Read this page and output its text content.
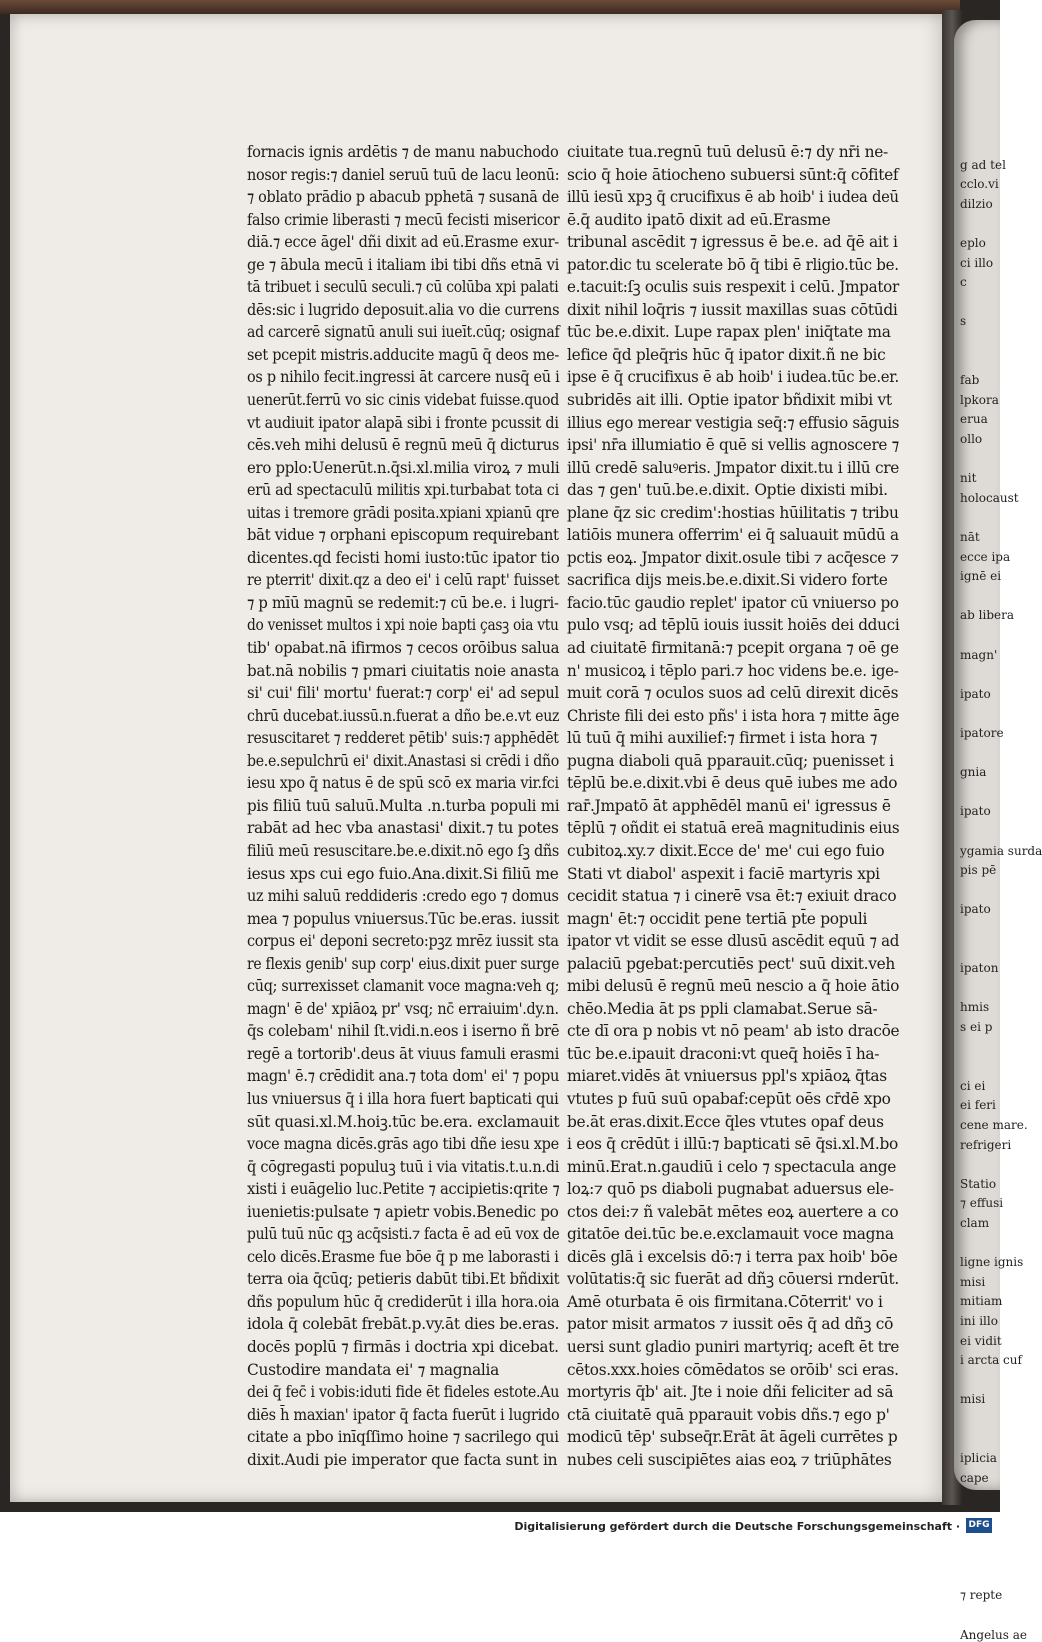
g ad tel
cclo.vi
dilzio
eplo
ci illo
c
s
fab
lpkora
erua
ollo
nit
holocaust
nāt
ecce ipa
ignē ei
ab libera
magn'
ipato
ipatore
gnia
ipato
ygamia surda
pis pē
ipato
ipaton
hmis
s ei p
ci ei
ei feri
cene mare.
refrigeri
Statio
⁊ effusi
clam
ligne ignis
misi
mitiam
ini illo
ei vidit
i arcta cuf
misi
iplicia
cape
⁊ repte
Angelus ae
fornacis ignis ardētis ⁊ de manu nabuchodo
nosor regis:⁊ daniel seruū tuū de lacu leonū:
⁊ oblato prādio p abacub pphetā ⁊ susanā de
falso crimie liberasti ⁊ mecū fecisti misericor
diā.⁊ ecce āgel' dñi dixit ad eū.Erasme exur-
ge ⁊ ābula mecū i italiam ibi tibi dñs etnā vi
tā tribuet i seculū seculi.⁊ cū colūba xpi palati
dēs:sic i lugrido deposuit.alia vo die currens
ad carcerē signatū anuli sui iueīt.cūq; osignaf
set pcepit mistris.adducite magū q̄ deos me-
os p nihilo fecit.ingressi āt carcere nusq̄ eū i
uenerūt.ferrū vo sic cinis videbat fuisse.quod
vt audiuit ipator alapā sibi i fronte pcussit di
cēs.veh mihi delusū ē regnū meū q̄ dicturus
ero pplo:Uenerūt.n.q̄si.xl.milia viroꝝ ⁊ muli
erū ad spectaculū militis xpi.turbabat tota ci
uitas i tremore grādi posita.xpiani xpianū qre
bāt vidue ⁊ orphani episcopum requirebant
dicentes.qd fecisti homi iusto:tūc ipator tio
re pterrit' dixit.qz a deo ei' i celū rapt' fuisset
⁊ p mīū magnū se redemit:⁊ cū be.e. i lugri-
do venisset multos i xpi noie bapti çasꝫ oia vtu
tib' opabat.nā ifirmos ⁊ cecos orōibus salua
bat.nā nobilis ⁊ pmari ciuitatis noie anasta
si' cui' fili' mortu' fuerat:⁊ corp' ei' ad sepul
chrū ducebat.iussū.n.fuerat a dño be.e.vt euz
resuscitaret ⁊ redderet pētib' suis:⁊ apphēdēt
be.e.sepulchrū ei' dixit.Anastasi si crēdi i dño
iesu xpo q̄ natus ē de spū scō ex maria vir.fci
pis filiū tuū saluū.Multa .n.turba populi mi
rabāt ad hec vba anastasi' dixit.⁊ tu potes
filiū meū resuscitare.be.e.dixit.nō ego ſꝫ dñs
iesus xps cui ego fuio.Ana.dixit.Si filiū me
uz mihi saluū reddideris :credo ego ⁊ domus
mea ⁊ populus vniuersus.Tūc be.eras. iussit
corpus ei' deponi secreto:pꝫz mrēz iussit sta
re flexis genib' sup corp' eius.dixit puer surge
cūq; surrexisset clamanit voce magna:veh q;
magn' ē de' xpiāoꝝ pr' vsq; nc̄ erraiuim'.dy.n.
q̄s colebam' nihil ſt.vidi.n.eos i iserno ñ brē
regē a tortorib'.deus āt viuus famuli erasmi
magn' ē.⁊ crēdidit ana.⁊ tota dom' ei' ⁊ popu
lus vniuersus q̄ i illa hora fuert bapticati qui
sūt quasi.xl.M.hoiꝫ.tūc be.era. exclamauit
voce magna dicēs.grās ago tibi dñe iesu xpe
q̄ cōgregasti populuꝫ tuū i via vitatis.t.u.n.di
xisti i euāgelio luc.Petite ⁊ accipietis:qrite ⁊
iuenietis:pulsate ⁊ apietr vobis.Benedic po
pulū tuū nūc qꝫ acq̄sisti.⁊ facta ē ad eū vox de
celo dicēs.Erasme fue bōe q̄ p me laborasti i
terra oia q̄cūq; petieris dabūt tibi.Et bñdixit
dñs populum hūc q̄ crediderūt i illa hora.oia
idola q̄ colebāt frebāt.p.vy.āt dies be.eras.
docēs poplū ⁊ firmās i doctria xpi dicebat.
Custodire mandata ei' ⁊ magnalia
dei q̄ fec̄ i vobis:iduti fide ēt fideles estote.Au
diēs h̄ maxian' ipator q̄ facta fuerūt i lugrido
citate a pbo inīqſſimo hoine ⁊ sacrilego qui
dixit.Audi pie imperator que facta sunt in
ciuitate tua.regnū tuū delusū ē:⁊ dy nr̄i ne-
scio q̄ hoie ātiocheno subuersi sūnt:q̄ cōfitef
illū iesū xpꝫ q̄ crucifixus ē ab hoib' i iudea deū
ē.q̄ audito ipatō dixit ad eū.Erasme
tribunal ascēdit ⁊ igressus ē be.e. ad q̄ē ait i
pator.dic tu scelerate bō q̄ tibi ē rligio.tūc be.
e.tacuit:ſꝫ oculis suis respexit i celū. Jmpator
dixit nihil loq̄ris ⁊ iussit maxillas suas cōtūdi
tūc be.e.dixit. Lupe rapax plen' iniq̄tate ma
lefice q̄d pleq̄ris hūc q̄ ipator dixit.ñ ne bic
ipse ē q̄ crucifixus ē ab hoib' i iudea.tūc be.er.
subridēs ait illi. Optie ipator bñdixit mibi vt
illius ego merear vestigia seq̄:⁊ effusio sāguis
ipsi' nr̄a illumiatio ē quē si vellis agnoscere ⁊
illū credē saluꝰeris. Jmpator dixit.tu i illū cre
das ⁊ gen' tuū.be.e.dixit. Optie dixisti mibi.
plane q̄z sic credim':hostias hūilitatis ⁊ tribu
latiōis munera offerrim' ei q̄ saluauit mūdū a
pctis eoꝝ. Jmpator dixit.osule tibi ⁊ acq̄esce ⁊
sacrifica dijs meis.be.e.dixit.Si videro forte
facio.tūc gaudio replet' ipator cū vniuerso po
pulo vsq; ad tēplū iouis iussit hoiēs dei dduci
ad ciuitatē firmitanā:⁊ pcepit organa ⁊ oē ge
n' musicoꝝ i tēplo pari.⁊ hoc videns be.e. ige-
muit corā ⁊ oculos suos ad celū direxit dicēs
Christe fili dei esto pñs' i ista hora ⁊ mitte āge
lū tuū q̄ mihi auxilief:⁊ firmet i ista hora ⁊
pugna diaboli quā pparauit.cūq; puenisset i
tēplū be.e.dixit.vbi ē deus quē iubes me ado
rar̄.Jmpatō āt apphēdēl manū ei' igressus ē
tēplū ⁊ oñdit ei statuā ereā magnitudinis eius
cubitoꝝ.xy.⁊ dixit.Ecce de' me' cui ego fuio
Stati vt diabol' aspexit i faciē martyris xpi
cecidit statua ⁊ i cinerē vsa ēt:⁊ exiuit draco
magn' ēt:⁊ occidit pene tertiā pt̄e populi
ipator vt vidit se esse dlusū ascēdit equū ⁊ ad
palaciū pgebat:percutiēs pect' suū dixit.veh
mibi delusū ē regnū meū nescio a q̄ hoie ātio
chēo.Media āt ps ppli clamabat.Serue sā-
cte dī ora p nobis vt nō peam' ab isto dracōe
tūc be.e.ipauit draconi:vt queq̄ hoiēs ī ha-
miaret.vidēs āt vniuersus ppl's xpiāoꝝ q̄tas
vtutes p fuū suū opabaf:cepūt oēs cr̄dē xpo
be.āt eras.dixit.Ecce q̄les vtutes opaf deus
i eos q̄ crēdūt i illū:⁊ bapticati sē q̄si.xl.M.bo
minū.Erat.n.gaudiū i celo ⁊ spectacula ange
loꝝ:⁊ quō ps diaboli pugnabat aduersus ele-
ctos dei:⁊ ñ valebāt mētes eoꝝ auertere a co
gitatōe dei.tūc be.e.exclamauit voce magna
dicēs glā i excelsis dō:⁊ i terra pax hoib' bōe
volūtatis:q̄ sic fuerāt ad dñꝫ cōuersi rnderūt.
Amē oturbata ē ois firmitana.Cōterrit' vo i
pator misit armatos ⁊ iussit oēs q̄ ad dñꝫ cō
uersi sunt gladio puniri martyriq; aceft ēt tre
cētos.xxx.hoies cōmēdatos se orōib' sci eras.
mortyris q̄b' ait. Jte i noie dñi feliciter ad sā
ctā ciuitatē quā pparauit vobis dñs.⁊ ego p'
modicū tēp' subseq̄r.Erāt āt āgeli currētes p
nubes celi suscipiētes aias eoꝝ ⁊ triūphātes
Digitalisierung gefördert durch die Deutsche Forschungsgemeinschaft · DFG
